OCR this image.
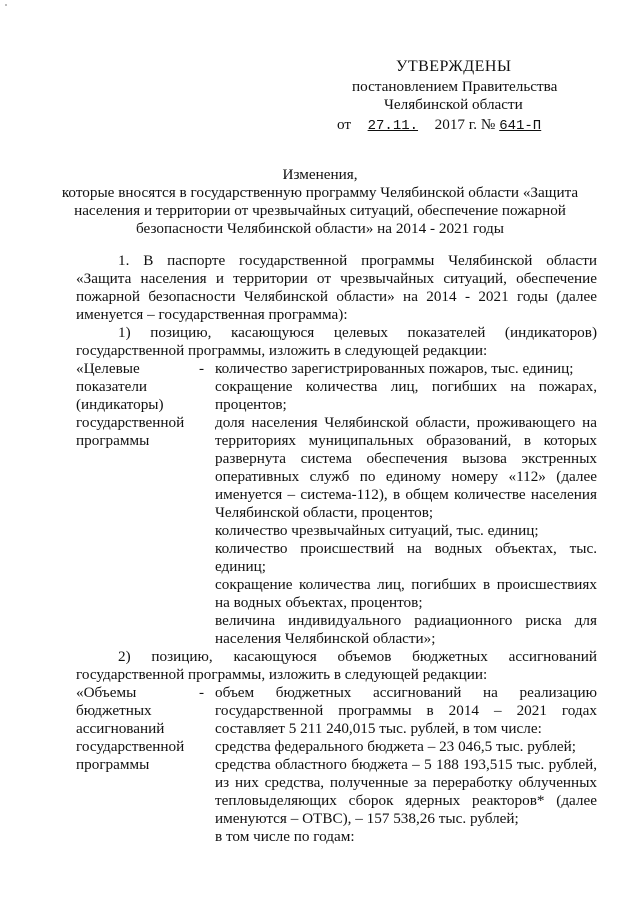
УТВЕРЖДЕНЫ
постановлением Правительства
Челябинской области
от 27.11. 2017 г. № 641-П
Изменения,
которые вносятся в государственную программу Челябинской области «Защита
населения и территории от чрезвычайных ситуаций, обеспечение пожарной
безопасности Челябинской области» на 2014 - 2021 годы
1. В паспорте государственной программы Челябинской области
«Защита населения и территории от чрезвычайных ситуаций, обеспечение
пожарной безопасности Челябинской области» на 2014 - 2021 годы (далее
именуется – государственная программа):
1) позицию, касающуюся целевых показателей (индикаторов)
государственной программы, изложить в следующей редакции:
«Целевые
показатели
(индикаторы)
государственной
программы
- количество зарегистрированных пожаров, тыс. единиц;
сокращение количества лиц, погибших на пожарах,
процентов;
доля населения Челябинской области, проживающего на
территориях муниципальных образований, в которых
развернута система обеспечения вызова экстренных
оперативных служб по единому номеру «112» (далее
именуется – система-112), в общем количестве населения
Челябинской области, процентов;
количество чрезвычайных ситуаций, тыс. единиц;
количество происшествий на водных объектах, тыс.
единиц;
сокращение количества лиц, погибших в происшествиях
на водных объектах, процентов;
величина индивидуального радиационного риска для
населения Челябинской области»;
2) позицию, касающуюся объемов бюджетных ассигнований
государственной программы, изложить в следующей редакции:
«Объемы
бюджетных
ассигнований
государственной
программы
- объем бюджетных ассигнований на реализацию
государственной программы в 2014 – 2021 годах
составляет 5 211 240,015 тыс. рублей, в том числе:
средства федерального бюджета – 23 046,5 тыс. рублей;
средства областного бюджета – 5 188 193,515 тыс. рублей,
из них средства, полученные за переработку облученных
тепловыделяющих сборок ядерных реакторов* (далее
именуются – ОТВС), – 157 538,26 тыс. рублей;
в том числе по годам:
